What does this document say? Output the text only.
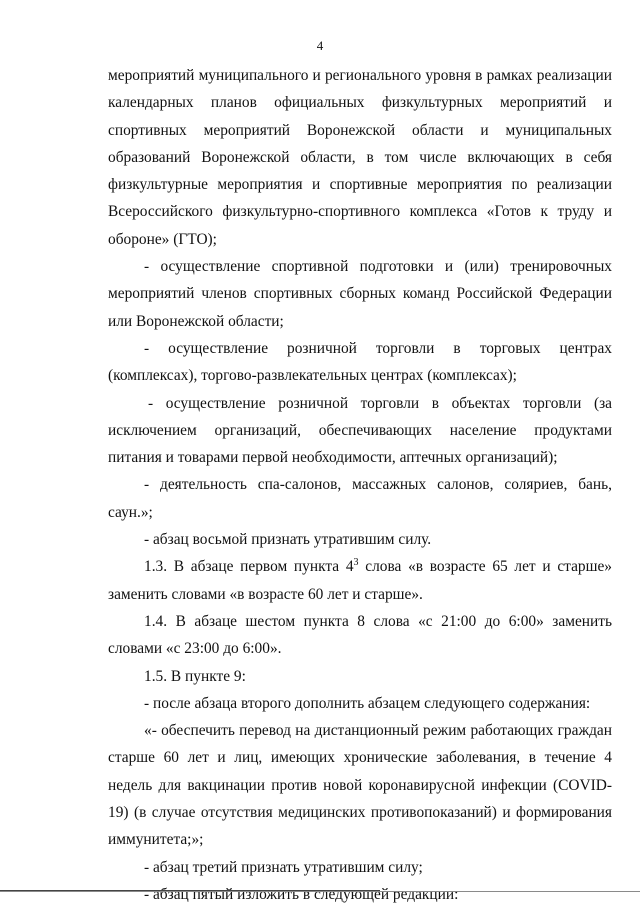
4

мероприятий муниципального и регионального уровня в рамках реализации календарных планов официальных физкультурных мероприятий и спортивных мероприятий Воронежской области и муниципальных образований Воронежской области, в том числе включающих в себя физкультурные мероприятия и спортивные мероприятия по реализации Всероссийского физкультурно-спортивного комплекса «Готов к труду и обороне» (ГТО);

- осуществление спортивной подготовки и (или) тренировочных мероприятий членов спортивных сборных команд Российской Федерации или Воронежской области;

- осуществление розничной торговли в торговых центрах (комплексах), торгово-развлекательных центрах (комплексах);

- осуществление розничной торговли в объектах торговли (за исключением организаций, обеспечивающих население продуктами питания и товарами первой необходимости, аптечных организаций);

- деятельность спа-салонов, массажных салонов, соляриев, бань, саун.»;

- абзац восьмой признать утратившим силу.

1.3. В абзаце первом пункта $4^3$ слова «в возрасте 65 лет и старше» заменить словами «в возрасте 60 лет и старше».

1.4. В абзаце шестом пункта 8 слова «с 21:00 до 6:00» заменить словами «с 23:00 до 6:00».

1.5. В пункте 9:

- после абзаца второго дополнить абзацем следующего содержания:

«- обеспечить перевод на дистанционный режим работающих граждан старше 60 лет и лиц, имеющих хронические заболевания, в течение 4 недель для вакцинации против новой коронавирусной инфекции (COVID-19) (в случае отсутствия медицинских противопоказаний) и формирования иммунитета;»;

- абзац третий признать утратившим силу;

- абзац пятый изложить в следующей редакции:
